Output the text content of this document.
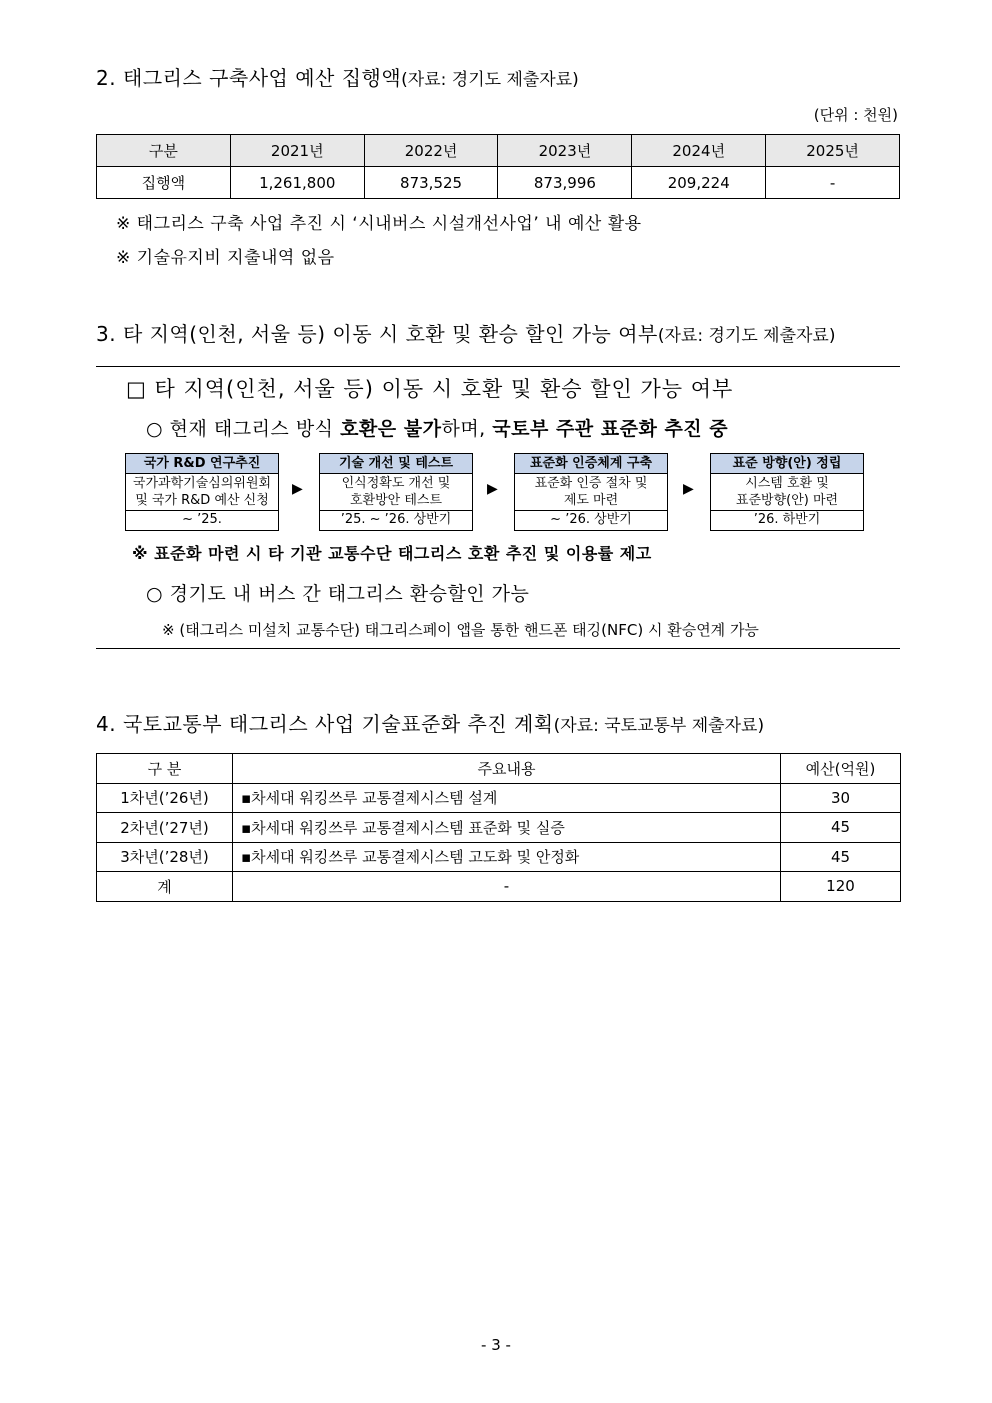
2. 태그리스 구축사업 예산 집행액(자료: 경기도 제출자료)
(단위 : 천원)
구분	2021년	2022년	2023년	2024년	2025년
집행액	1,261,800	873,525	873,996	209,224	-
※ 태그리스 구축 사업 추진 시 ‘시내버스 시설개선사업’ 내 예산 활용
※ 기술유지비 지출내역 없음
3. 타 지역(인천, 서울 등) 이동 시 호환 및 환승 할인 가능 여부(자료: 경기도 제출자료)
□ 타 지역(인천, 서울 등) 이동 시 호환 및 환승 할인 가능 여부
○ 현재 태그리스 방식 호환은 불가하며, 국토부 주관 표준화 추진 중
국가 R&D 연구추진
국가과학기술심의위원회
및 국가 R&D 예산 신청
~ ’25.
▶
기술 개선 및 테스트
인식정확도 개선 및
호환방안 테스트
’25. ~ ’26. 상반기
▶
표준화 인증체계 구축
표준화 인증 절차 및
제도 마련
~ ’26. 상반기
▶
표준 방향(안) 정립
시스템 호환 및
표준방향(안) 마련
’26. 하반기
※ 표준화 마련 시 타 기관 교통수단 태그리스 호환 추진 및 이용률 제고
○ 경기도 내 버스 간 태그리스 환승할인 가능
※ (태그리스 미설치 교통수단) 태그리스페이 앱을 통한 핸드폰 태깅(NFC) 시 환승연계 가능
4. 국토교통부 태그리스 사업 기술표준화 추진 계획(자료: 국토교통부 제출자료)
구 분	주요내용	예산(억원)
1차년(’26년)	▪차세대 워킹쓰루 교통결제시스템 설계	30
2차년(’27년)	▪차세대 워킹쓰루 교통결제시스템 표준화 및 실증	45
3차년(’28년)	▪차세대 워킹쓰루 교통결제시스템 고도화 및 안정화	45
계	-	120
- 3 -
